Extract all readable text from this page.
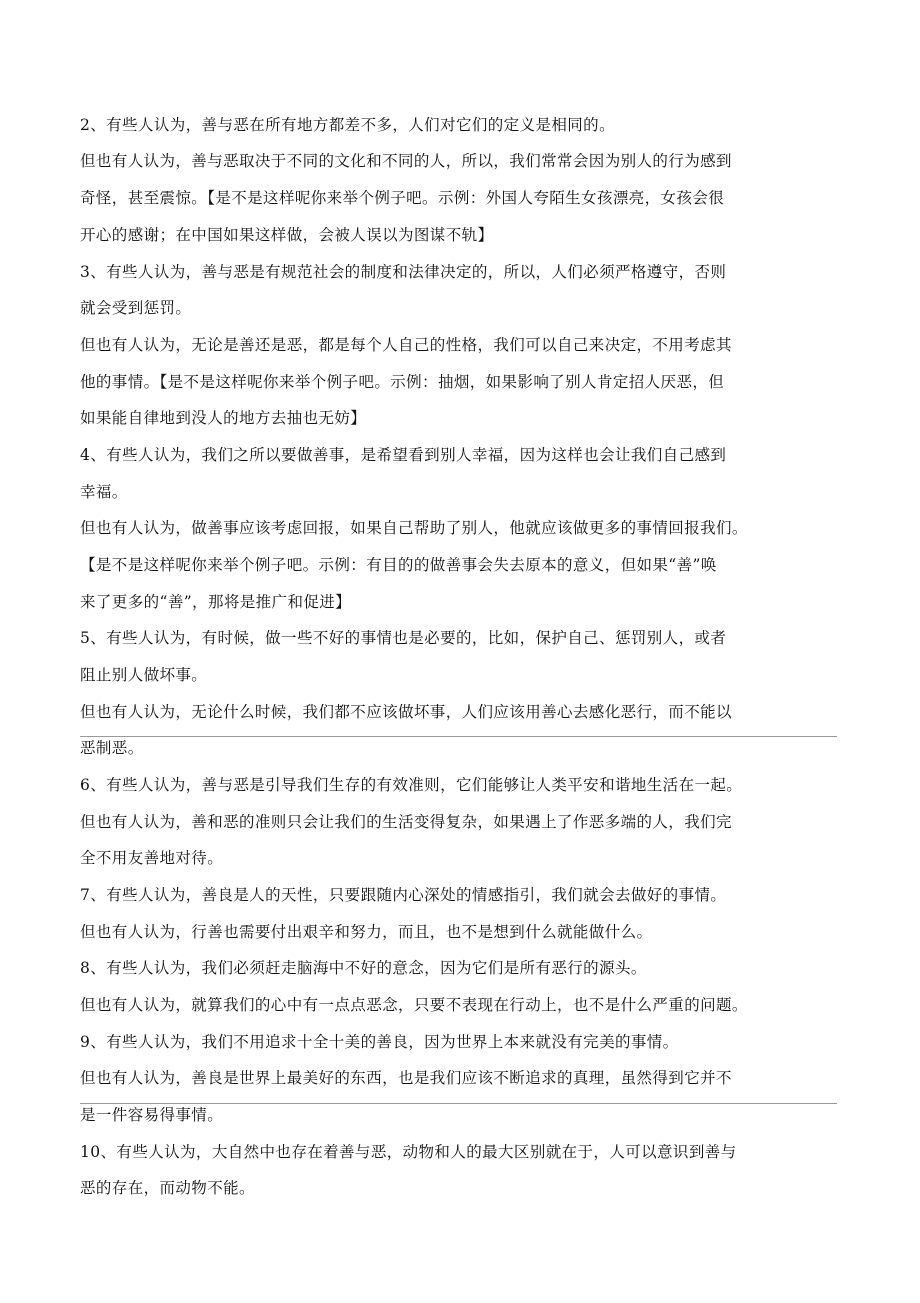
2、有些人认为，善与恶在所有地方都差不多，人们对它们的定义是相同的。
但也有人认为，善与恶取决于不同的文化和不同的人，所以，我们常常会因为别人的行为感到
奇怪，甚至震惊。【是不是这样呢你来举个例子吧。示例：外国人夸陌生女孩漂亮，女孩会很
开心的感谢；在中国如果这样做，会被人误以为图谋不轨】
3、有些人认为，善与恶是有规范社会的制度和法律决定的，所以，人们必须严格遵守，否则
就会受到惩罚。
但也有人认为，无论是善还是恶，都是每个人自己的性格，我们可以自己来决定，不用考虑其
他的事情。【是不是这样呢你来举个例子吧。示例：抽烟，如果影响了别人肯定招人厌恶，但
如果能自律地到没人的地方去抽也无妨】
4、有些人认为，我们之所以要做善事，是希望看到别人幸福，因为这样也会让我们自己感到
幸福。
但也有人认为，做善事应该考虑回报，如果自己帮助了别人，他就应该做更多的事情回报我们。
【是不是这样呢你来举个例子吧。示例：有目的的做善事会失去原本的意义，但如果“善”唤
来了更多的“善”，那将是推广和促进】
5、有些人认为，有时候，做一些不好的事情也是必要的，比如，保护自己、惩罚别人，或者
阻止别人做坏事。
但也有人认为，无论什么时候，我们都不应该做坏事，人们应该用善心去感化恶行，而不能以
恶制恶。
6、有些人认为，善与恶是引导我们生存的有效准则，它们能够让人类平安和谐地生活在一起。
但也有人认为，善和恶的准则只会让我们的生活变得复杂，如果遇上了作恶多端的人，我们完
全不用友善地对待。
7、有些人认为，善良是人的天性，只要跟随内心深处的情感指引，我们就会去做好的事情。
但也有人认为，行善也需要付出艰辛和努力，而且，也不是想到什么就能做什么。
8、有些人认为，我们必须赶走脑海中不好的意念，因为它们是所有恶行的源头。
但也有人认为，就算我们的心中有一点点恶念，只要不表现在行动上，也不是什么严重的问题。
9、有些人认为，我们不用追求十全十美的善良，因为世界上本来就没有完美的事情。
但也有人认为，善良是世界上最美好的东西，也是我们应该不断追求的真理，虽然得到它并不
是一件容易得事情。
10、有些人认为，大自然中也存在着善与恶，动物和人的最大区别就在于，人可以意识到善与
恶的存在，而动物不能。
